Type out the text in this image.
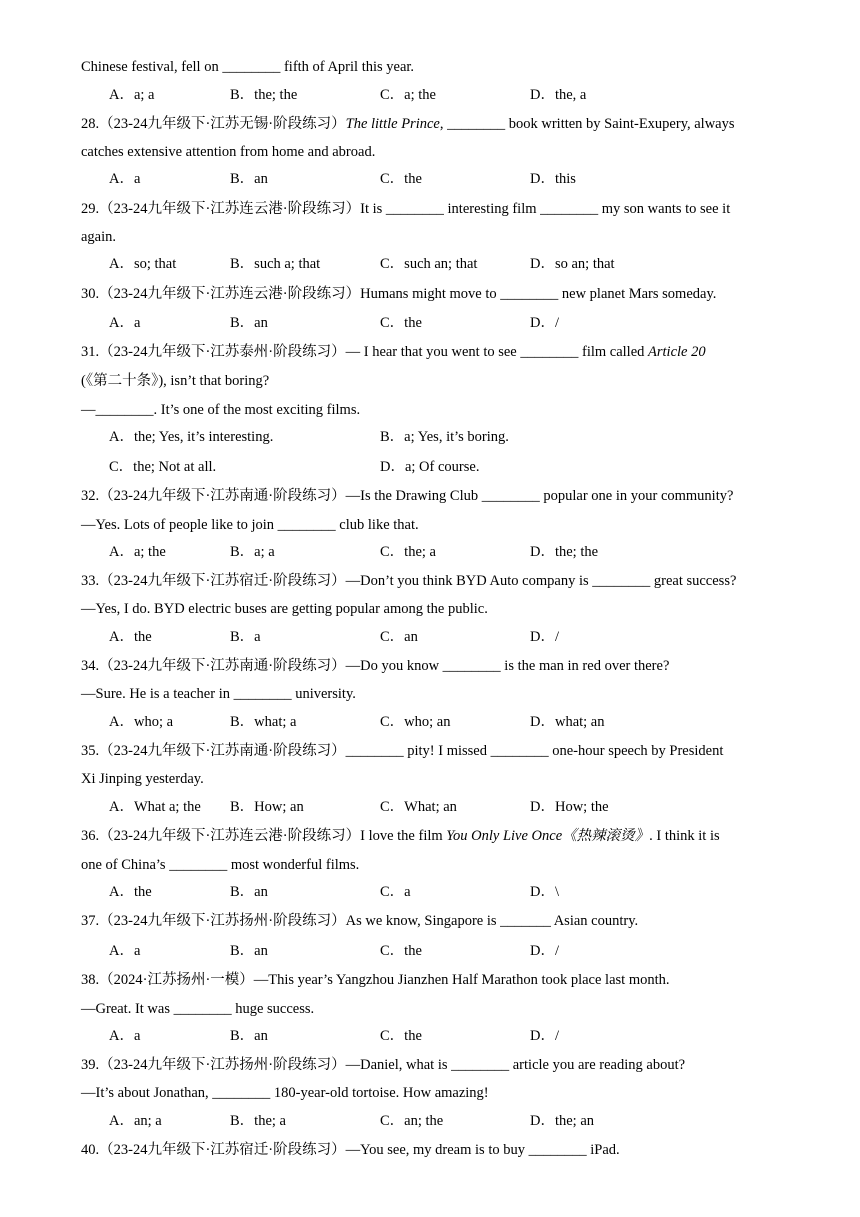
Chinese festival, fell on ________ fifth of April this year.
A．a; a	B．the; the	C．a; the	D．the, a
28.（23-24九年级下·江苏无锡·阶段练习）The little Prince, ________ book written by Saint-Exupery, always
catches extensive attention from home and abroad.
A．a	B．an	C．the	D．this
29.（23-24九年级下·江苏连云港·阶段练习）It is ________ interesting film ________ my son wants to see it
again.
A．so; that	B．such a; that	C．such an; that	D．so an; that
30.（23-24九年级下·江苏连云港·阶段练习）Humans might move to ________ new planet Mars someday.
A．a	B．an	C．the	D．/
31.（23-24九年级下·江苏泰州·阶段练习）— I hear that you went to see ________ film called Article 20
(《第二十条》), isn’t that boring?
—________. It’s one of the most exciting films.
A．the; Yes, it’s interesting.	B．a; Yes, it’s boring.
C．the; Not at all.	D．a; Of course.
32.（23-24九年级下·江苏南通·阶段练习）—Is the Drawing Club ________ popular one in your community?
—Yes. Lots of people like to join ________ club like that.
A．a; the	B．a; a	C．the; a	D．the; the
33.（23-24九年级下·江苏宿迁·阶段练习）—Don’t you think BYD Auto company is ________ great success?
—Yes, I do. BYD electric buses are getting popular among the public.
A．the	B．a	C．an	D．/
34.（23-24九年级下·江苏南通·阶段练习）—Do you know ________ is the man in red over there?
—Sure. He is a teacher in ________ university.
A．who; a	B．what; a	C．who; an	D．what; an
35.（23-24九年级下·江苏南通·阶段练习）________ pity! I missed ________ one-hour speech by President
Xi Jinping yesterday.
A．What a; the B．How; an	C．What; an	D．How; the
36.（23-24九年级下·江苏连云港·阶段练习）I love the film You Only Live Once《热辣滚烫》. I think it is
one of China’s ________ most wonderful films.
A．the	B．an	C．a	D．\
37.（23-24九年级下·江苏扬州·阶段练习）As we know, Singapore is _______ Asian country.
A．a	B．an	C．the	D．/
38.（2024·江苏扬州·一模）—This year’s Yangzhou Jianzhen Half Marathon took place last month.
—Great. It was ________ huge success.
A．a	B．an	C．the	D．/
39.（23-24九年级下·江苏扬州·阶段练习）—Daniel, what is ________ article you are reading about?
—It’s about Jonathan, ________ 180-year-old tortoise. How amazing!
A．an; a	B．the; a	C．an; the	D．the; an
40.（23-24九年级下·江苏宿迁·阶段练习）—You see, my dream is to buy ________ iPad.
